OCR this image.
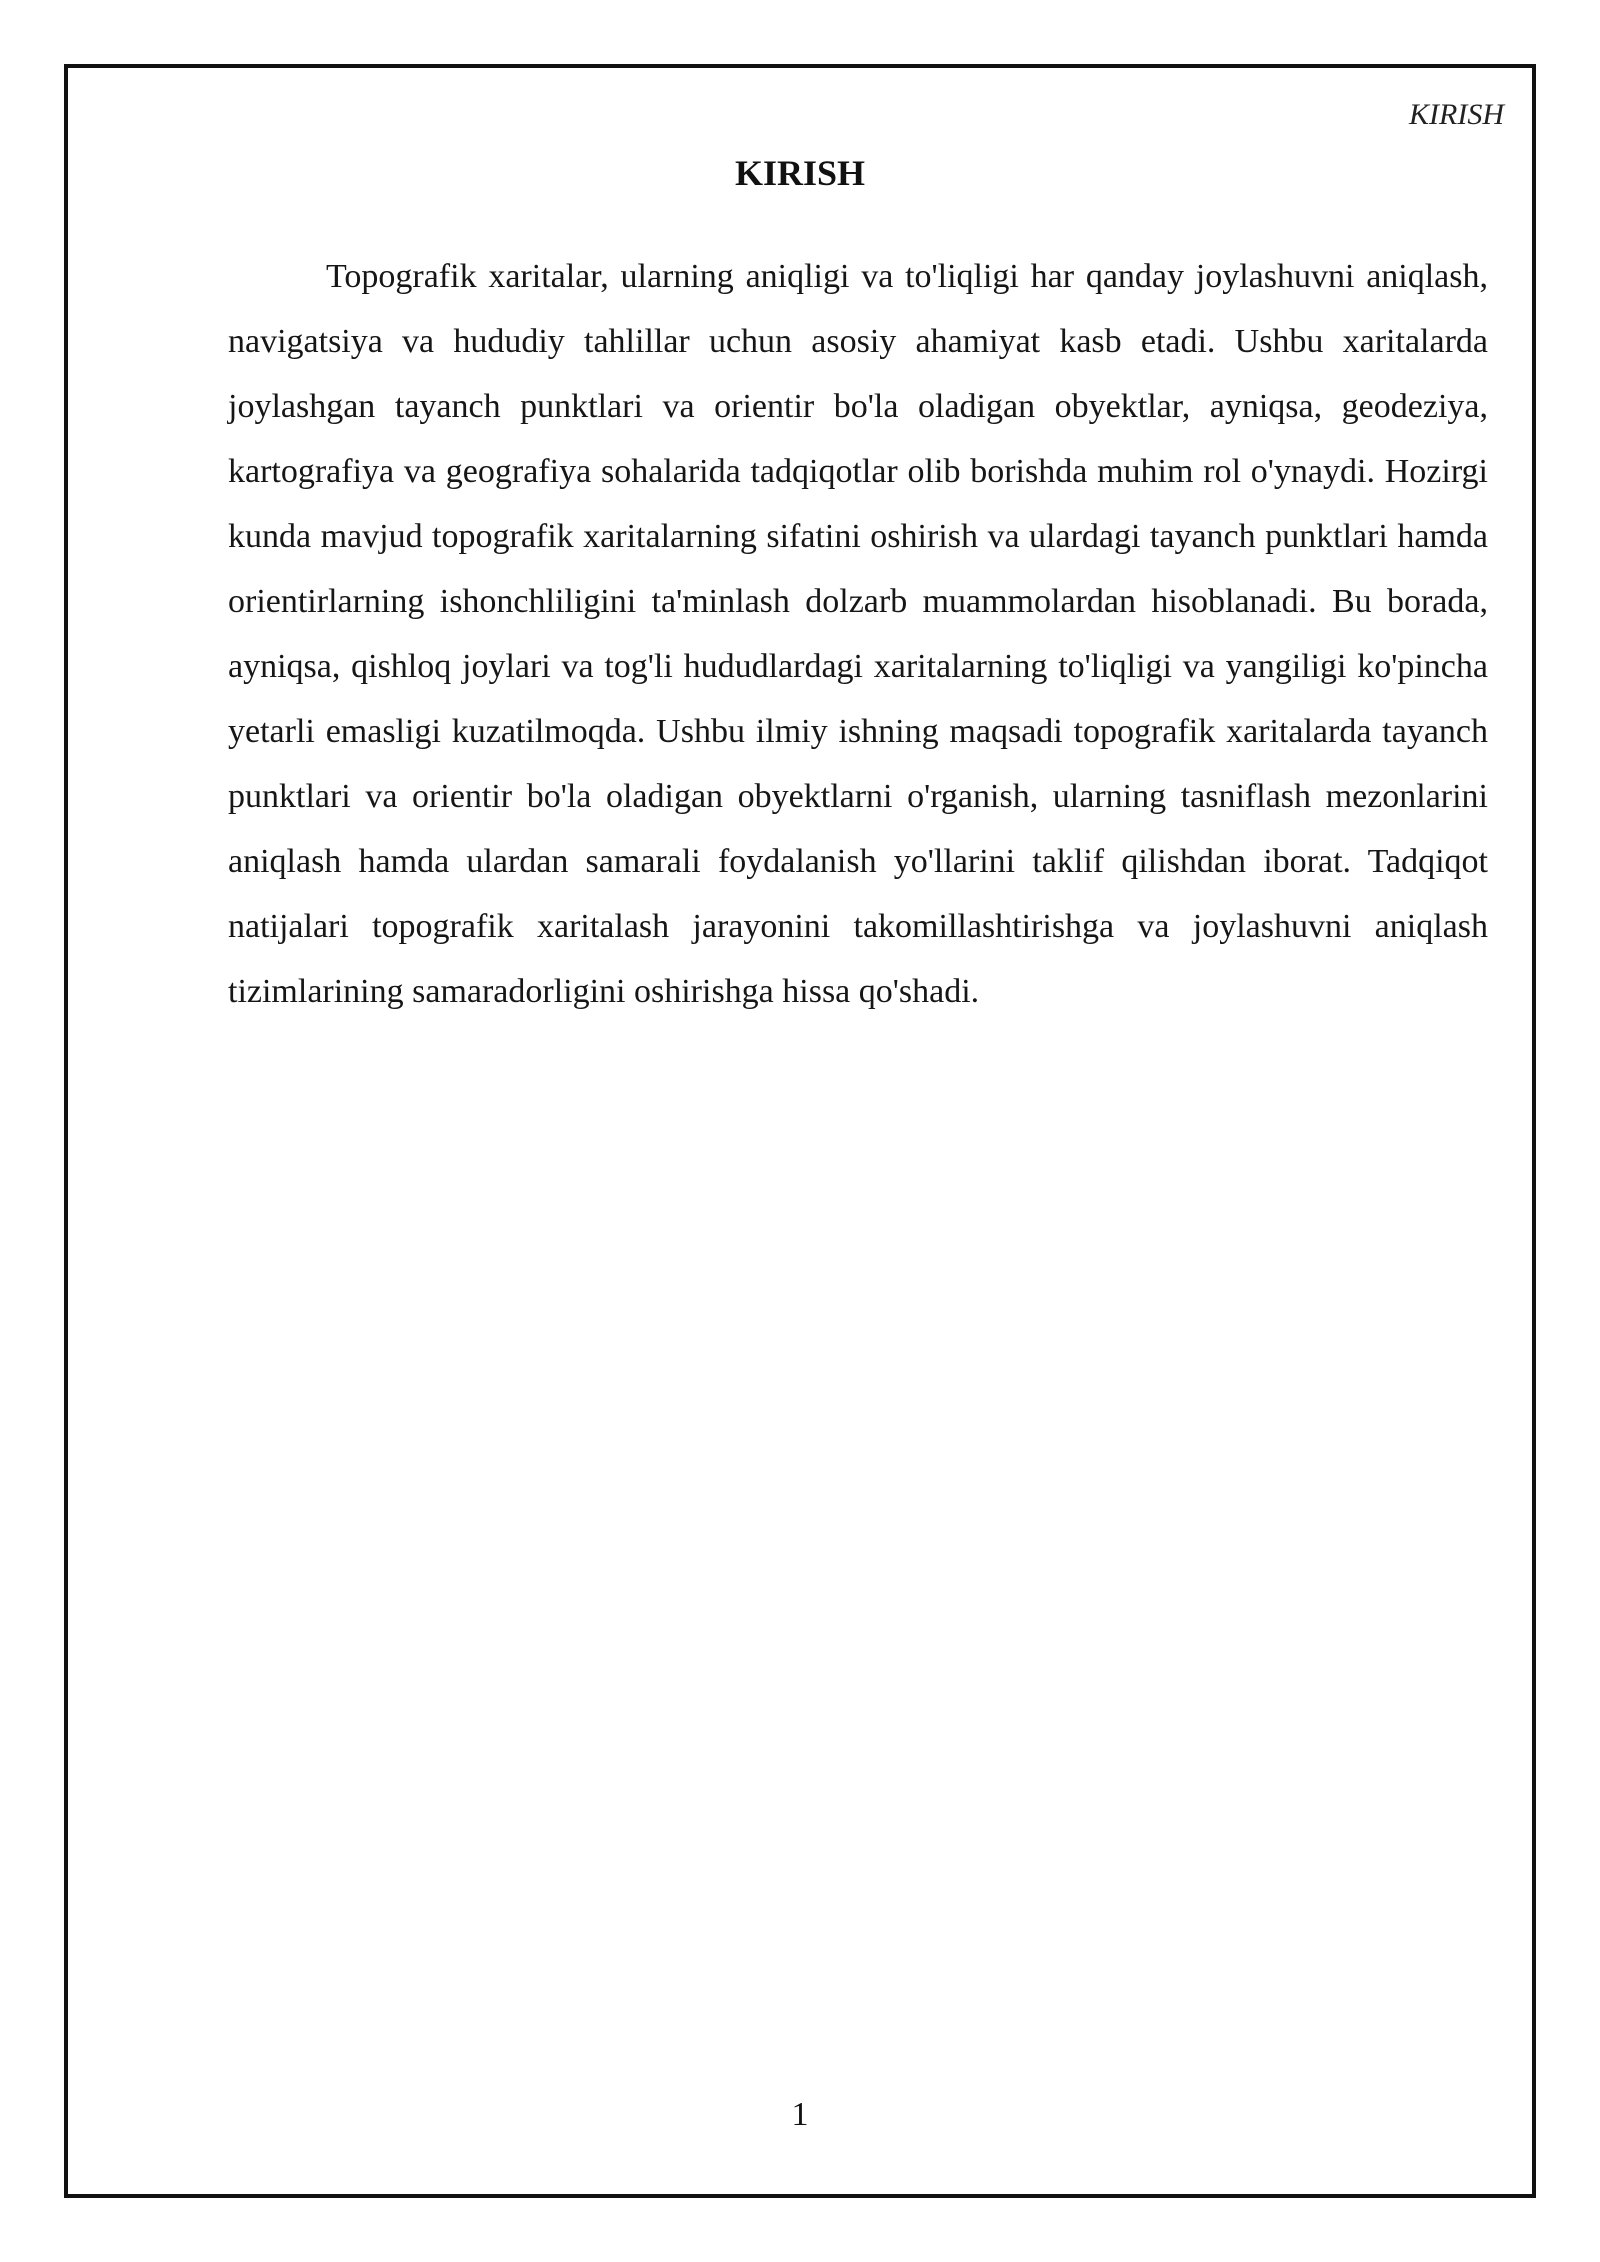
KIRISH
KIRISH

Topografik xaritalar, ularning aniqligi va to'liqligi har qanday joylashuvni aniqlash, navigatsiya va hududiy tahlillar uchun asosiy ahamiyat kasb etadi. Ushbu xaritalarda joylashgan tayanch punktlari va orientir bo'la oladigan obyektlar, ayniqsa, geodeziya, kartografiya va geografiya sohalarida tadqiqotlar olib borishda muhim rol o'ynaydi. Hozirgi kunda mavjud topografik xaritalarning sifatini oshirish va ulardagi tayanch punktlari hamda orientirlarning ishonchliligini ta'minlash dolzarb muammolardan hisoblanadi. Bu borada, ayniqsa, qishloq joylari va tog'li hududlardagi xaritalarning to'liqligi va yangiligi ko'pincha yetarli emasligi kuzatilmoqda. Ushbu ilmiy ishning maqsadi topografik xaritalarda tayanch punktlari va orientir bo'la oladigan obyektlarni o'rganish, ularning tasniflash mezonlarini aniqlash hamda ulardan samarali foydalanish yo'llarini taklif qilishdan iborat. Tadqiqot natijalari topografik xaritalash jarayonini takomillashtirishga va joylashuvni aniqlash tizimlarining samaradorligini oshirishga hissa qo'shadi.

1
